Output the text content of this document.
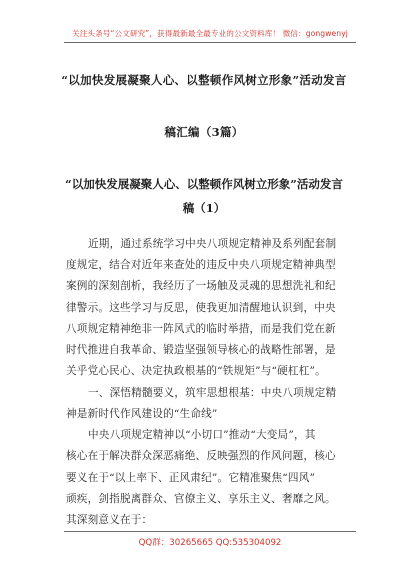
关注头条号“公文研究”，获得最新最全最专业的公文资料库！ 微信：gongwenyj
“以加快发展凝聚人心、以整顿作风树立形象”活动发言
稿汇编（3篇）
“以加快发展凝聚人心、以整顿作风树立形象”活动发言
稿（1）
近期，通过系统学习中央八项规定精神及系列配套制
度规定，结合对近年来查处的违反中央八项规定精神典型
案例的深刻剖析，我经历了一场触及灵魂的思想洗礼和纪
律警示。这些学习与反思，使我更加清醒地认识到，中央
八项规定精神绝非一阵风式的临时举措，而是我们党在新
时代推进自我革命、锻造坚强领导核心的战略性部署，是
关乎党心民心、决定执政根基的“铁规矩”与“硬杠杠”。
一、深悟精髓要义，筑牢思想根基：中央八项规定精
神是新时代作风建设的“生命线”
中央八项规定精神以“小切口”推动“大变局”，其
核心在于解决群众深恶痛绝、反映强烈的作风问题，核心
要义在于“以上率下、正风肃纪”。它精准聚焦“四风”
QQ群：30265665 QQ:535304092
顽疾，剑指脱离群众、官僚主义、享乐主义、奢靡之风。
其深刻意义在于：
